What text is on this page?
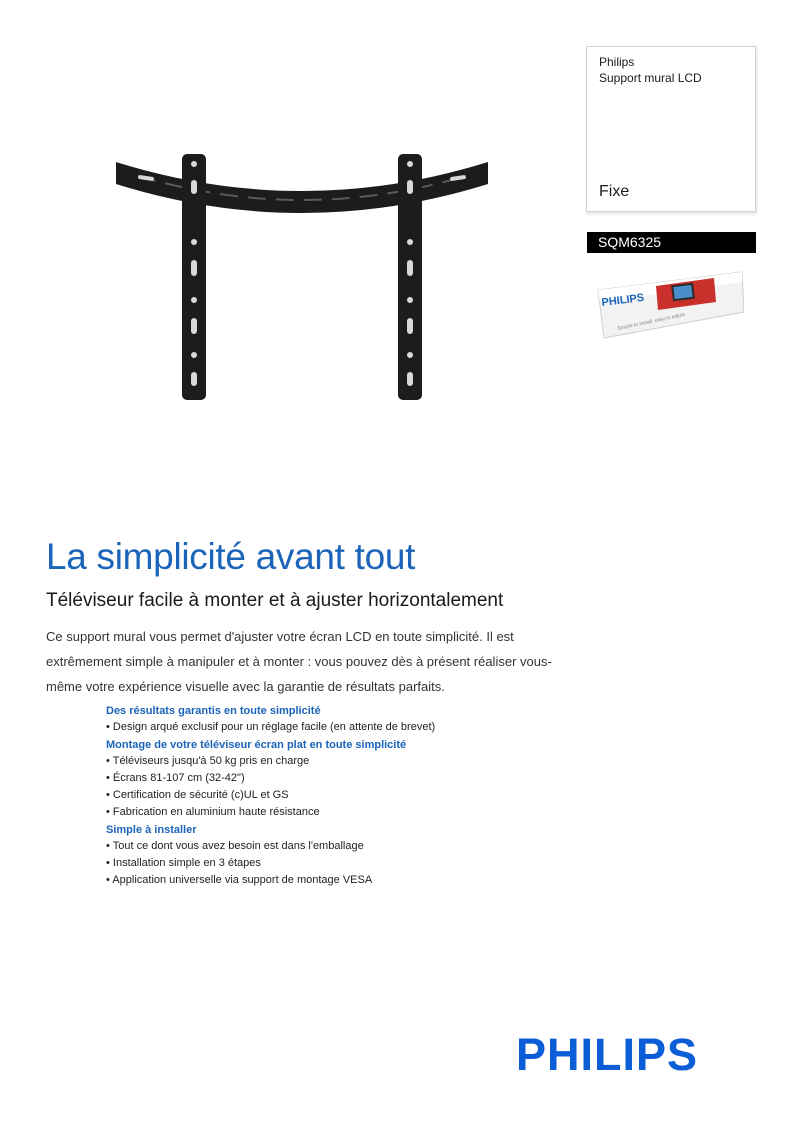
Philips
Support mural LCD
Fixe
SQM6325
PHILIPS
Simple to install, easy to adjust
La simplicité avant tout
Téléviseur facile à monter et à ajuster horizontalement

Ce support mural vous permet d'ajuster votre écran LCD en toute simplicité. Il est extrêmement simple à manipuler et à monter : vous pouvez dès à présent réaliser vous-même votre expérience visuelle avec la garantie de résultats parfaits.

Des résultats garantis en toute simplicité

• Design arqué exclusif pour un réglage facile (en attente de brevet)

Montage de votre téléviseur écran plat en toute simplicité

• Téléviseurs jusqu'à 50 kg pris en charge
• Écrans 81-107 cm (32-42")
• Certification de sécurité (c)UL et GS
• Fabrication en aluminium haute résistance

Simple à installer

• Tout ce dont vous avez besoin est dans l'emballage
• Installation simple en 3 étapes
• Application universelle via support de montage VESA
PHILIPS
